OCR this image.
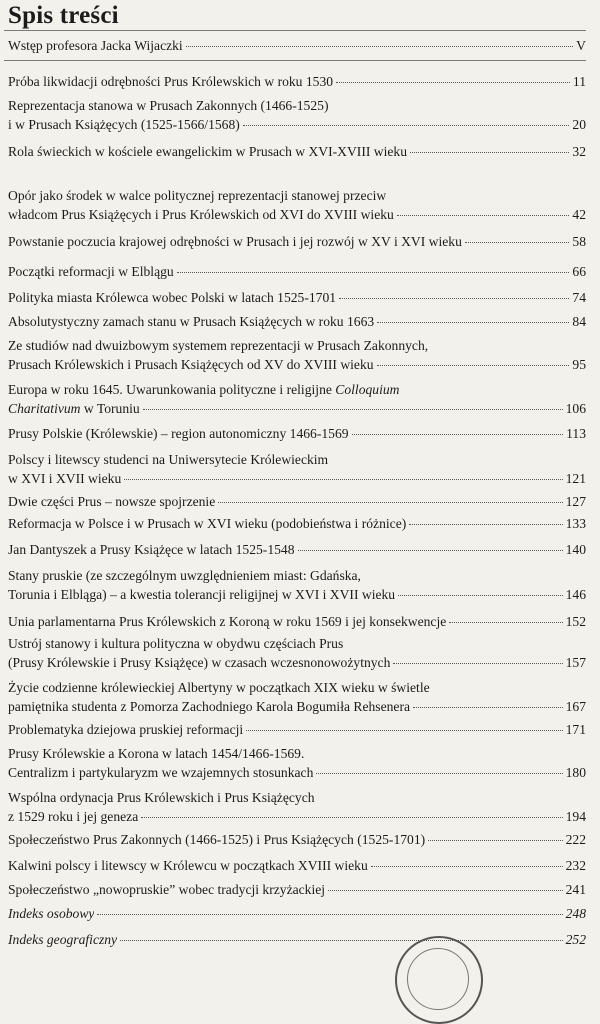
Spis treści
Wstęp profesora Jacka Wijaczki	V
Próba likwidacji odrębności Prus Królewskich w roku 1530	11
Reprezentacja stanowa w Prusach Zakonnych (1466-1525)
i w Prusach Książęcych (1525-1566/1568)	20
Rola świeckich w kościele ewangelickim w Prusach w XVI-XVIII wieku	32
Opór jako środek w walce politycznej reprezentacji stanowej przeciw
władcom Prus Książęcych i Prus Królewskich od XVI do XVIII wieku	42
Powstanie poczucia krajowej odrębności w Prusach i jej rozwój w XV i XVI wieku	58
Początki reformacji w Elblągu	66
Polityka miasta Królewca wobec Polski w latach 1525-1701	74
Absolutystyczny zamach stanu w Prusach Książęcych w roku 1663	84
Ze studiów nad dwuizbowym systemem reprezentacji w Prusach Zakonnych,
Prusach Królewskich i Prusach Książęcych od XV do XVIII wieku	95
Europa w roku 1645. Uwarunkowania polityczne i religijne Colloquium
Charitativum w Toruniu	106
Prusy Polskie (Królewskie) – region autonomiczny 1466-1569	113
Polscy i litewscy studenci na Uniwersytecie Królewieckim
w XVI i XVII wieku	121
Dwie części Prus – nowsze spojrzenie	127
Reformacja w Polsce i w Prusach w XVI wieku (podobieństwa i różnice)	133
Jan Dantyszek a Prusy Książęce w latach 1525-1548	140
Stany pruskie (ze szczególnym uwzględnieniem miast: Gdańska,
Torunia i Elbląga) – a kwestia tolerancji religijnej w XVI i XVII wieku	146
Unia parlamentarna Prus Królewskich z Koroną w roku 1569 i jej konsekwencje	152
Ustrój stanowy i kultura polityczna w obydwu częściach Prus
(Prusy Królewskie i Prusy Książęce) w czasach wczesnonowożytnych	157
Życie codzienne królewieckiej Albertyny w początkach XIX wieku w świetle
pamiętnika studenta z Pomorza Zachodniego Karola Bogumiła Rehsenera	167
Problematyka dziejowa pruskiej reformacji	171
Prusy Królewskie a Korona w latach 1454/1466-1569.
Centralizm i partykularyzm we wzajemnych stosunkach	180
Wspólna ordynacja Prus Królewskich i Prus Książęcych
z 1529 roku i jej geneza	194
Społeczeństwo Prus Zakonnych (1466-1525) i Prus Książęcych (1525-1701)	222
Kalwini polscy i litewscy w Królewcu w początkach XVIII wieku	232
Społeczeństwo „nowopruskie” wobec tradycji krzyżackiej	241
Indeks osobowy	248
Indeks geograficzny	252
